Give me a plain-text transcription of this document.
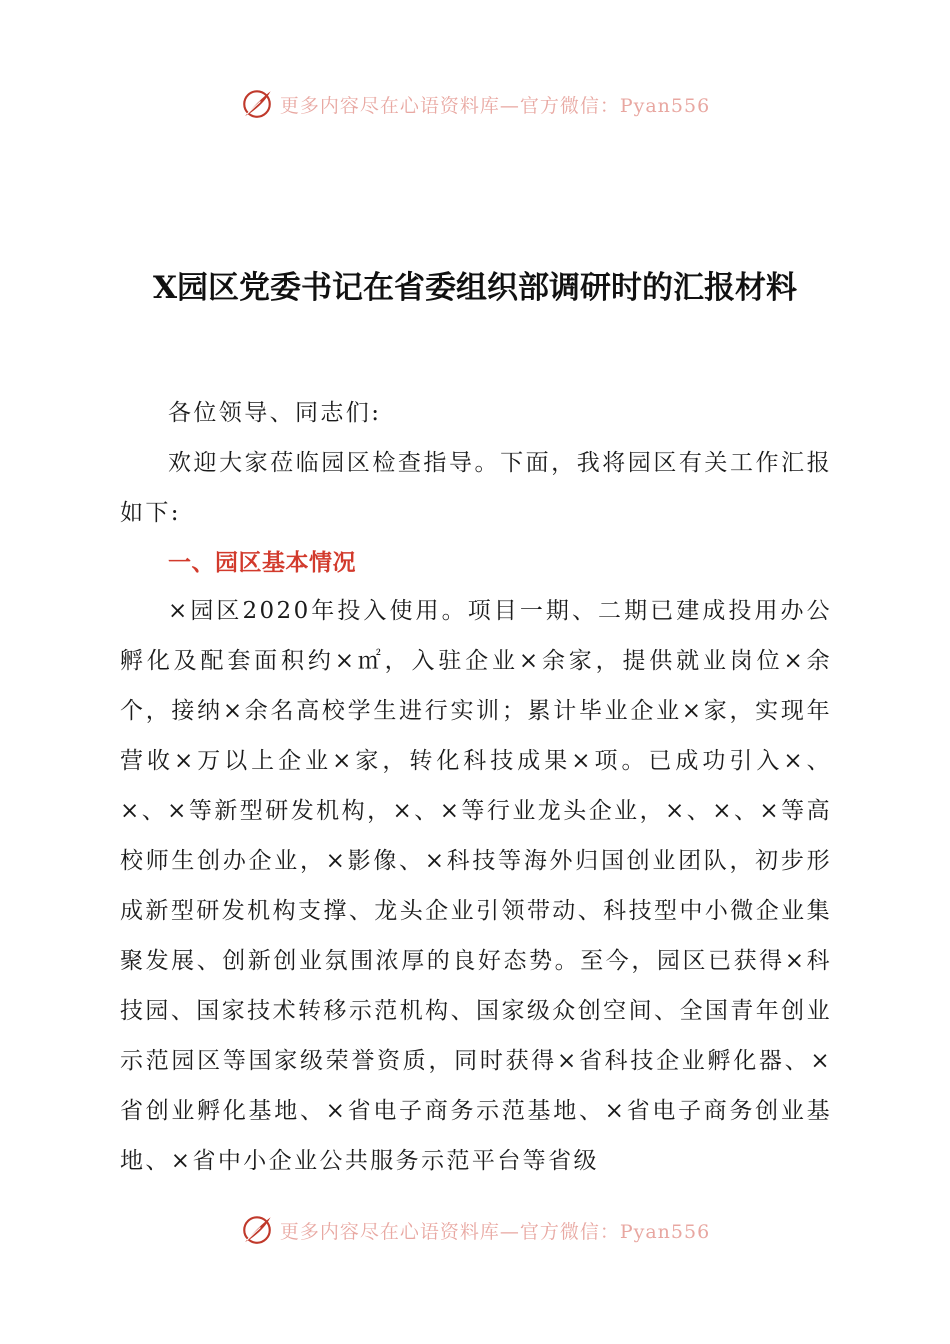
更多内容尽在心语资料库—官方微信：Pyan556
X园区党委书记在省委组织部调研时的汇报材料

各位领导、同志们:

欢迎大家莅临园区检查指导。下面，我将园区有关工作汇报如下:

一、园区基本情况

×园区2020年投入使用。项目一期、二期已建成投用办公孵化及配套面积约×㎡，入驻企业×余家，提供就业岗位×余个，接纳×余名高校学生进行实训；累计毕业企业×家，实现年营收×万以上企业×家，转化科技成果×项。已成功引入×、×、×等新型研发机构，×、×等行业龙头企业，×、×、×等高校师生创办企业，×影像、×科技等海外归国创业团队，初步形成新型研发机构支撑、龙头企业引领带动、科技型中小微企业集聚发展、创新创业氛围浓厚的良好态势。至今，园区已获得×科技园、国家技术转移示范机构、国家级众创空间、全国青年创业示范园区等国家级荣誉资质，同时获得×省科技企业孵化器、×省创业孵化基地、×省电子商务示范基地、×省电子商务创业基地、×省中小企业公共服务示范平台等省级

更多内容尽在心语资料库—官方微信：Pyan556
